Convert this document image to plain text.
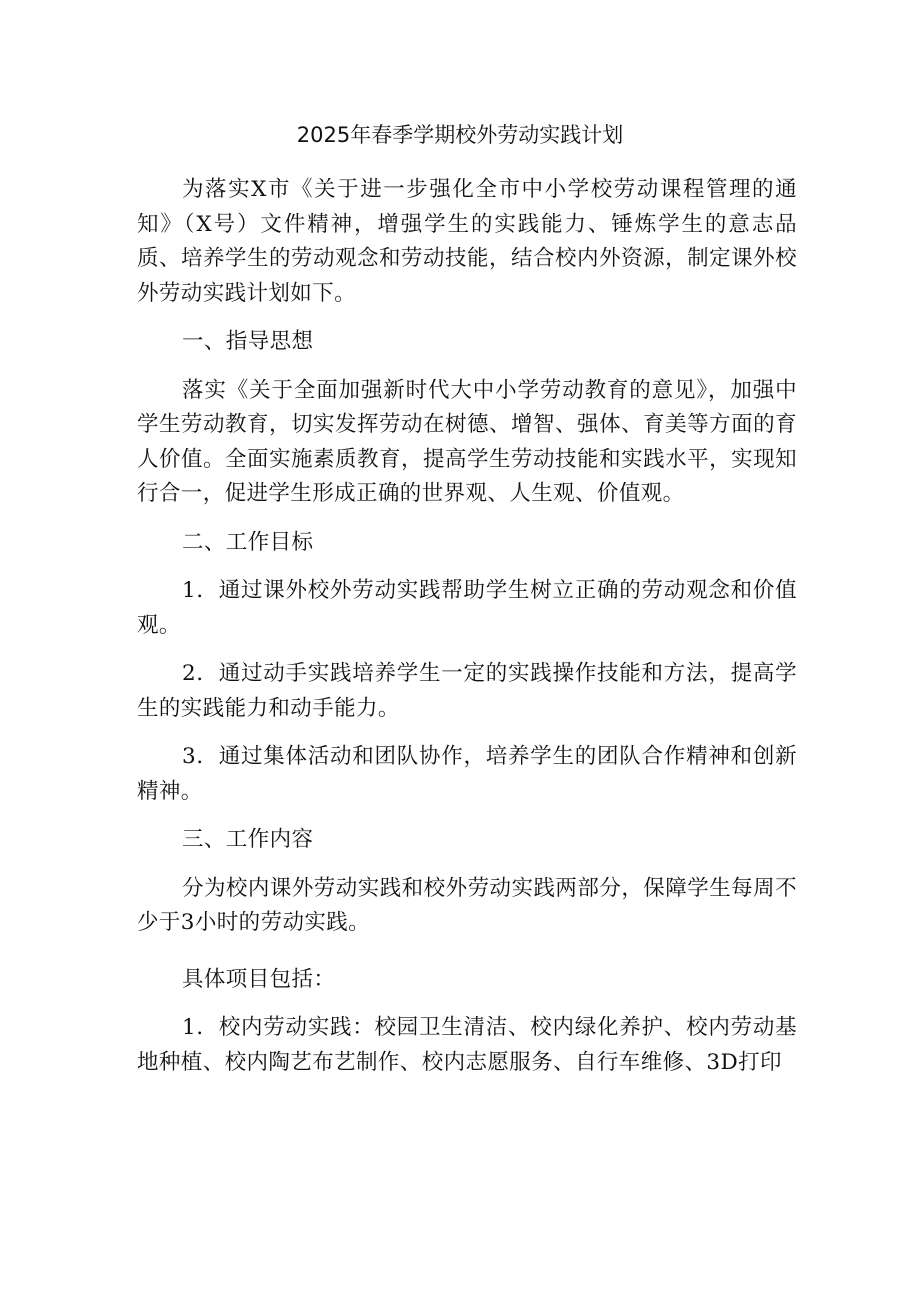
2025年春季学期校外劳动实践计划

为落实X市《关于进一步强化全市中小学校劳动课程管理的通知》（X号）文件精神，增强学生的实践能力、锤炼学生的意志品质、培养学生的劳动观念和劳动技能，结合校内外资源，制定课外校外劳动实践计划如下。

一、指导思想

落实《关于全面加强新时代大中小学劳动教育的意见》，加强中学生劳动教育，切实发挥劳动在树德、增智、强体、育美等方面的育人价值。全面实施素质教育，提高学生劳动技能和实践水平，实现知行合一，促进学生形成正确的世界观、人生观、价值观。

二、工作目标

1．通过课外校外劳动实践帮助学生树立正确的劳动观念和价值观。

2．通过动手实践培养学生一定的实践操作技能和方法，提高学生的实践能力和动手能力。

3．通过集体活动和团队协作，培养学生的团队合作精神和创新精神。

三、工作内容

分为校内课外劳动实践和校外劳动实践两部分，保障学生每周不少于3小时的劳动实践。

具体项目包括：

1．校内劳动实践：校园卫生清洁、校内绿化养护、校内劳动基地种植、校内陶艺布艺制作、校内志愿服务、自行车维修、3D打印
